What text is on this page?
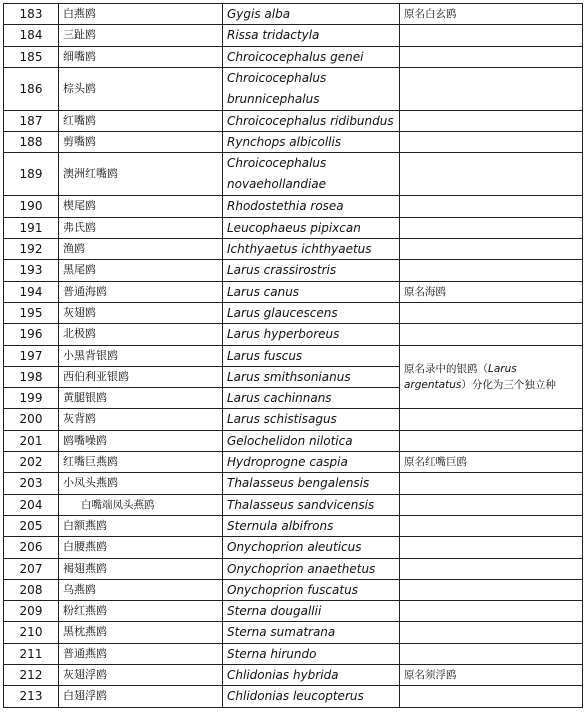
183	白燕鸥	Gygis alba	原名白玄鸥
184	三趾鸥	Rissa tridactyla	
185	细嘴鸥	Chroicocephalus genei	
186	棕头鸥	Chroicocephalus brunnicephalus	
187	红嘴鸥	Chroicocephalus ridibundus	
188	剪嘴鸥	Rynchops albicollis	
189	澳洲红嘴鸥	Chroicocephalus novaehollandiae	
190	楔尾鸥	Rhodostethia rosea	
191	弗氏鸥	Leucophaeus pipixcan	
192	渔鸥	Ichthyaetus ichthyaetus	
193	黑尾鸥	Larus crassirostris	
194	普通海鸥	Larus canus	原名海鸥
195	灰翅鸥	Larus glaucescens	
196	北极鸥	Larus hyperboreus	
197	小黑背银鸥	Larus fuscus	原名录中的银鸥（Larus argentatus）分化为三个独立种
198	西伯利亚银鸥	Larus smithsonianus	
199	黄腿银鸥	Larus cachinnans	
200	灰背鸥	Larus schistisagus	
201	鸥嘴噪鸥	Gelochelidon nilotica	
202	红嘴巨燕鸥	Hydroprogne caspia	原名红嘴巨鸥
203	小凤头燕鸥	Thalasseus bengalensis	
204	白嘴端凤头燕鸥	Thalasseus sandvicensis	
205	白额燕鸥	Sternula albifrons	
206	白腰燕鸥	Onychoprion aleuticus	
207	褐翅燕鸥	Onychoprion anaethetus	
208	乌燕鸥	Onychoprion fuscatus	
209	粉红燕鸥	Sterna dougallii	
210	黑枕燕鸥	Sterna sumatrana	
211	普通燕鸥	Sterna hirundo	
212	灰翅浮鸥	Chlidonias hybrida	原名须浮鸥
213	白翅浮鸥	Chlidonias leucopterus	
